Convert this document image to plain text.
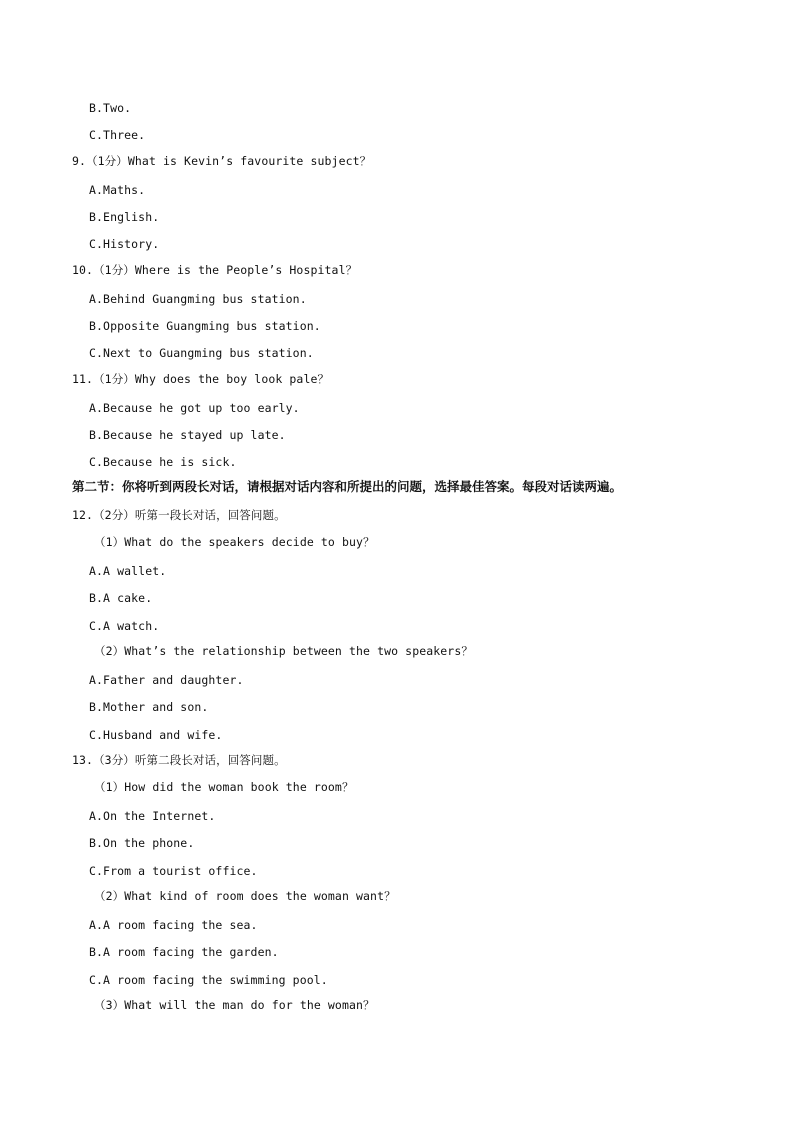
B.Two.
C.Three.
9.（1分）What is Kevin’s favourite subject？
A.Maths.
B.English.
C.History.
10.（1分）Where is the People’s Hospital？
A.Behind Guangming bus station.
B.Opposite Guangming bus station.
C.Next to Guangming bus station.
11.（1分）Why does the boy look pale？
A.Because he got up too early.
B.Because he stayed up late.
C.Because he is sick.
第二节：你将听到两段长对话，请根据对话内容和所提出的问题，选择最佳答案。每段对话读两遍。
12.（2分）听第一段长对话，回答问题。
（1）What do the speakers decide to buy？
A.A wallet.
B.A cake.
C.A watch.
（2）What’s the relationship between the two speakers？
A.Father and daughter.
B.Mother and son.
C.Husband and wife.
13.（3分）听第二段长对话，回答问题。
（1）How did the woman book the room？
A.On the Internet.
B.On the phone.
C.From a tourist office.
（2）What kind of room does the woman want？
A.A room facing the sea.
B.A room facing the garden.
C.A room facing the swimming pool.
（3）What will the man do for the woman？
